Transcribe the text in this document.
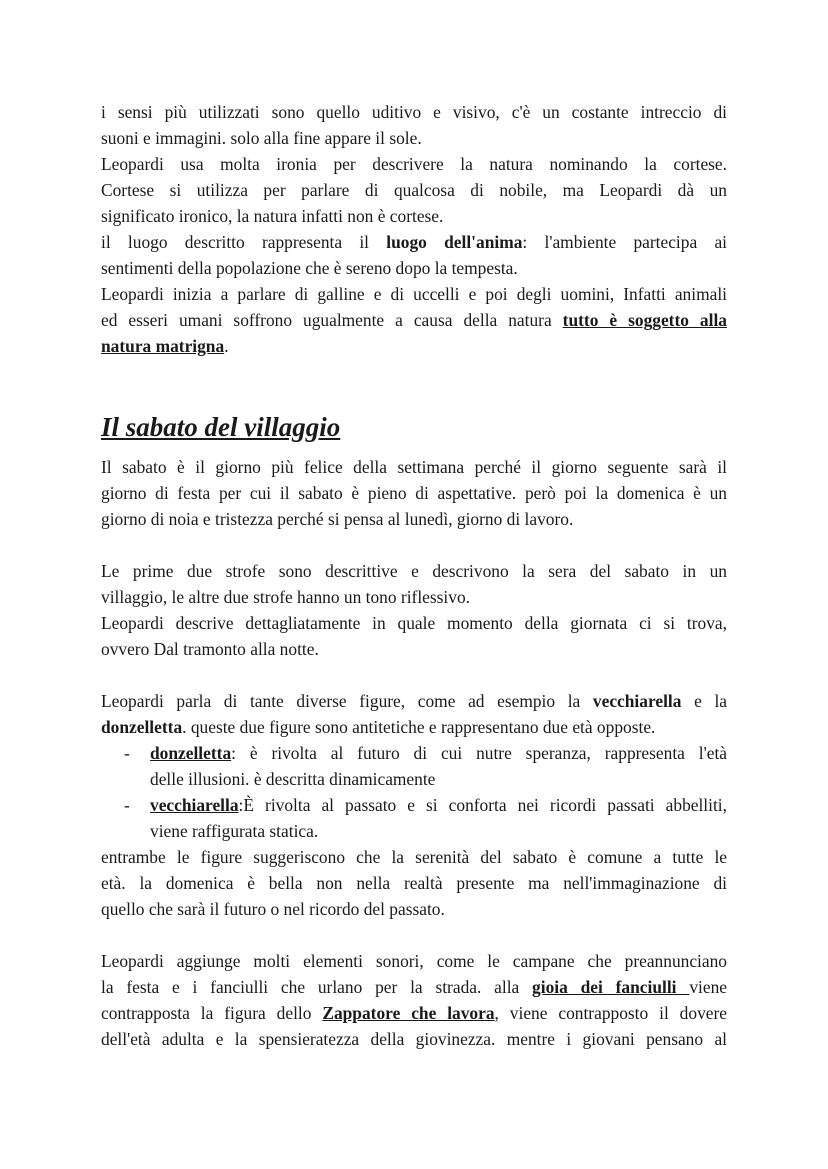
i sensi più utilizzati sono quello uditivo e visivo, c'è un costante intreccio di
suoni e immagini. solo alla fine appare il sole.
Leopardi usa molta ironia per descrivere la natura nominando la cortese.
Cortese si utilizza per parlare di qualcosa di nobile, ma Leopardi dà un
significato ironico, la natura infatti non è cortese.
il luogo descritto rappresenta il luogo dell'anima: l'ambiente partecipa ai
sentimenti della popolazione che è sereno dopo la tempesta.
Leopardi inizia a parlare di galline e di uccelli e poi degli uomini, Infatti animali
ed esseri umani soffrono ugualmente a causa della natura tutto è soggetto alla
natura matrigna.
Il sabato del villaggio
Il sabato è il giorno più felice della settimana perché il giorno seguente sarà il
giorno di festa per cui il sabato è pieno di aspettative. però poi la domenica è un
giorno di noia e tristezza perché si pensa al lunedì, giorno di lavoro.
Le prime due strofe sono descrittive e descrivono la sera del sabato in un
villaggio, le altre due strofe hanno un tono riflessivo.
Leopardi descrive dettagliatamente in quale momento della giornata ci si trova,
ovvero Dal tramonto alla notte.
Leopardi parla di tante diverse figure, come ad esempio la vecchiarella e la
donzelletta. queste due figure sono antitetiche e rappresentano due età opposte.
- donzelletta: è rivolta al futuro di cui nutre speranza, rappresenta l'età
delle illusioni. è descritta dinamicamente
- vecchiarella:È rivolta al passato e si conforta nei ricordi passati abbelliti,
viene raffigurata statica.
entrambe le figure suggeriscono che la serenità del sabato è comune a tutte le
età. la domenica è bella non nella realtà presente ma nell'immaginazione di
quello che sarà il futuro o nel ricordo del passato.
Leopardi aggiunge molti elementi sonori, come le campane che preannunciano
la festa e i fanciulli che urlano per la strada. alla gioia dei fanciulli viene
contrapposta la figura dello Zappatore che lavora, viene contrapposto il dovere
dell'età adulta e la spensieratezza della giovinezza. mentre i giovani pensano al
